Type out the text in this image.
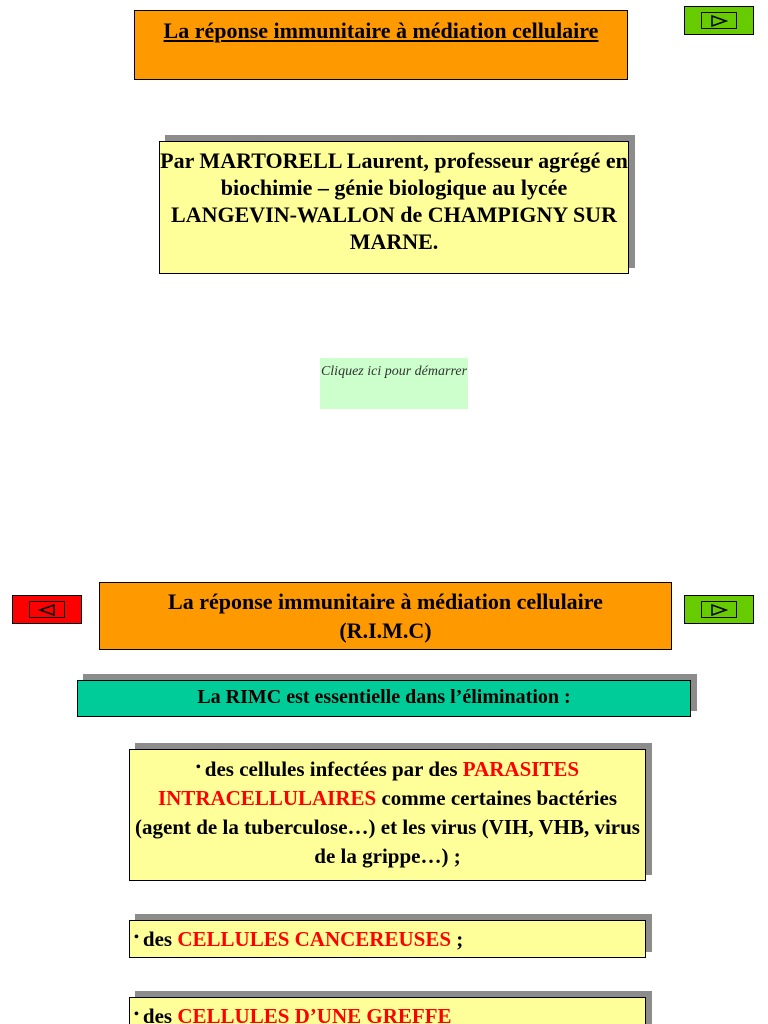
La réponse immunitaire à médiation cellulaire
Par MARTORELL Laurent, professeur agrégé en biochimie – génie biologique au lycée LANGEVIN-WALLON de CHAMPIGNY SUR MARNE.
Cliquez ici pour démarrer
La réponse immunitaire à médiation cellulaire
(R.I.M.C)
La RIMC est essentielle dans l’élimination :
• des cellules infectées par des PARASITES INTRACELLULAIRES comme certaines bactéries (agent de la tuberculose…) et les virus (VIH, VHB, virus de la grippe…) ;
• des CELLULES CANCEREUSES ;
• des CELLULES D’UNE GREFFE
